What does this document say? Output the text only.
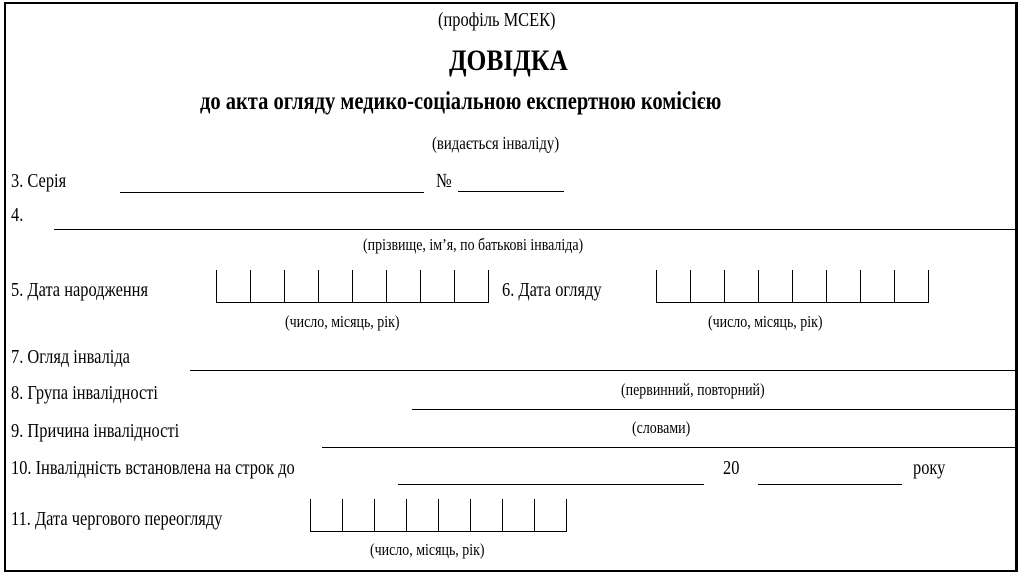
(профіль МСЕК)
ДОВІДКА
до акта огляду медико-соціальною експертною комісією
(видається інваліду)
3. Серія	№
4.
(прізвище, ім’я, по батькові інваліда)
5. Дата народження
(число, місяць, рік)
6. Дата огляду
(число, місяць, рік)
7. Огляд інваліда
(первинний, повторний)
8. Група інвалідності
(словами)
9. Причина інвалідності
10. Інвалідність встановлена на строк до	20	року
11. Дата чергового переогляду
(число, місяць, рік)
